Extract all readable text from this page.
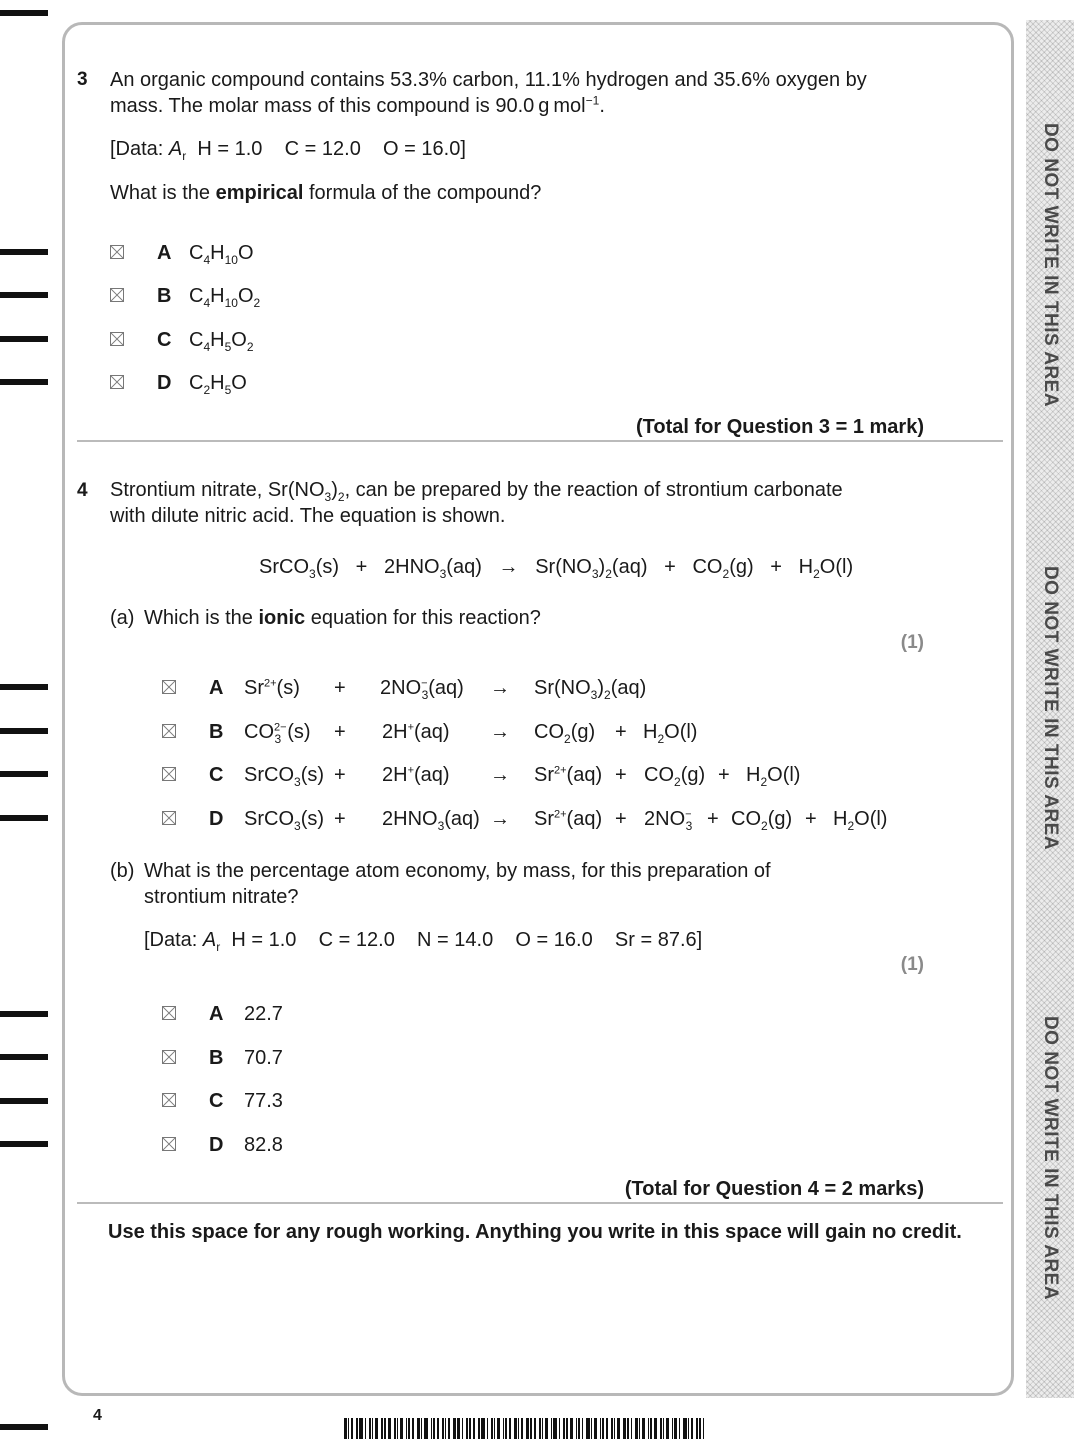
DO NOT WRITE IN THIS AREA
DO NOT WRITE IN THIS AREA
DO NOT WRITE IN THIS AREA
3 An organic compound contains 53.3% carbon, 11.1% hydrogen and 35.6% oxygen by
mass. The molar mass of this compound is 90.0 g mol$^{-1}$.
[Data: $A_r$ H = 1.0    C = 12.0    O = 16.0]
What is the empirical formula of the compound?
A $C_4H_{10}O$
B $C_4H_{10}O_2$
C $C_4H_5O_2$
D $C_2H_5O$
(Total for Question 3 = 1 mark)
4 Strontium nitrate, $Sr(NO_3)_2$, can be prepared by the reaction of strontium carbonate
with dilute nitric acid. The equation is shown.
SrCO$_3$(s)   +   $2HNO_3(aq) \to Sr(NO_3)_2(aq) + CO_2(g) + H_2O(l)$
(a) Which is the ionic equation for this reaction?
(1)
A $Sr^{2+}(s) + 2NO^-_3(aq) \to Sr(NO_3)_2(aq)$
B $CO^{2-}_3$ $(s) + 2H^+(aq) \to CO_2(g) + H_2O(l)$
C SrCO$_3$(s) + $2H^+(aq) \to Sr^{2+}(aq) + CO_2(g) + H_2O(l)$
D SrCO$_3$(s) + $2HNO_3(aq) \to Sr^{2+}(aq) + 2NO^-_3 + CO_2(g) + H_2O(l)$
(b) What is the percentage atom economy, by mass, for this preparation of
strontium nitrate?
[Data: $A_r$ H = 1.0    C = 12.0    N = 14.0    O = 16.0    Sr = 87.6]
(1)
A 22.7
B 70.7
C 77.3
D 82.8
(Total for Question 4 = 2 marks)
Use this space for any rough working. Anything you write in this space will gain no credit.
4
